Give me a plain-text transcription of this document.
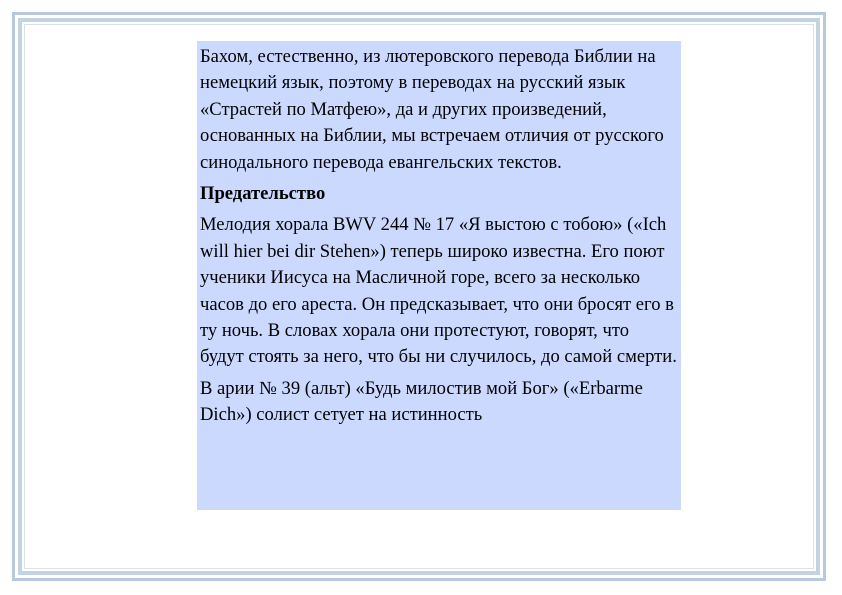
Бахом, естественно, из лютеровского перевода Библии на немецкий язык, поэтому в переводах на русский язык «Страстей по Матфею», да и других произведений, основанных на Библии, мы встречаем отличия от русского синодального перевода евангельских текстов.

Предательство

Мелодия хорала BWV 244 № 17 «Я выстою с тобою» («Ich will hier bei dir Stehen») теперь широко известна. Его поют ученики Иисуса на Масличной горе, всего за несколько часов до его ареста. Он предсказывает, что они бросят его в ту ночь. В словах хорала они протестуют, говорят, что будут стоять за него, что бы ни случилось, до самой смерти.

В арии № 39 (альт) «Будь милостив мой Бог» («Erbarme Dich») солист сетует на истинность
